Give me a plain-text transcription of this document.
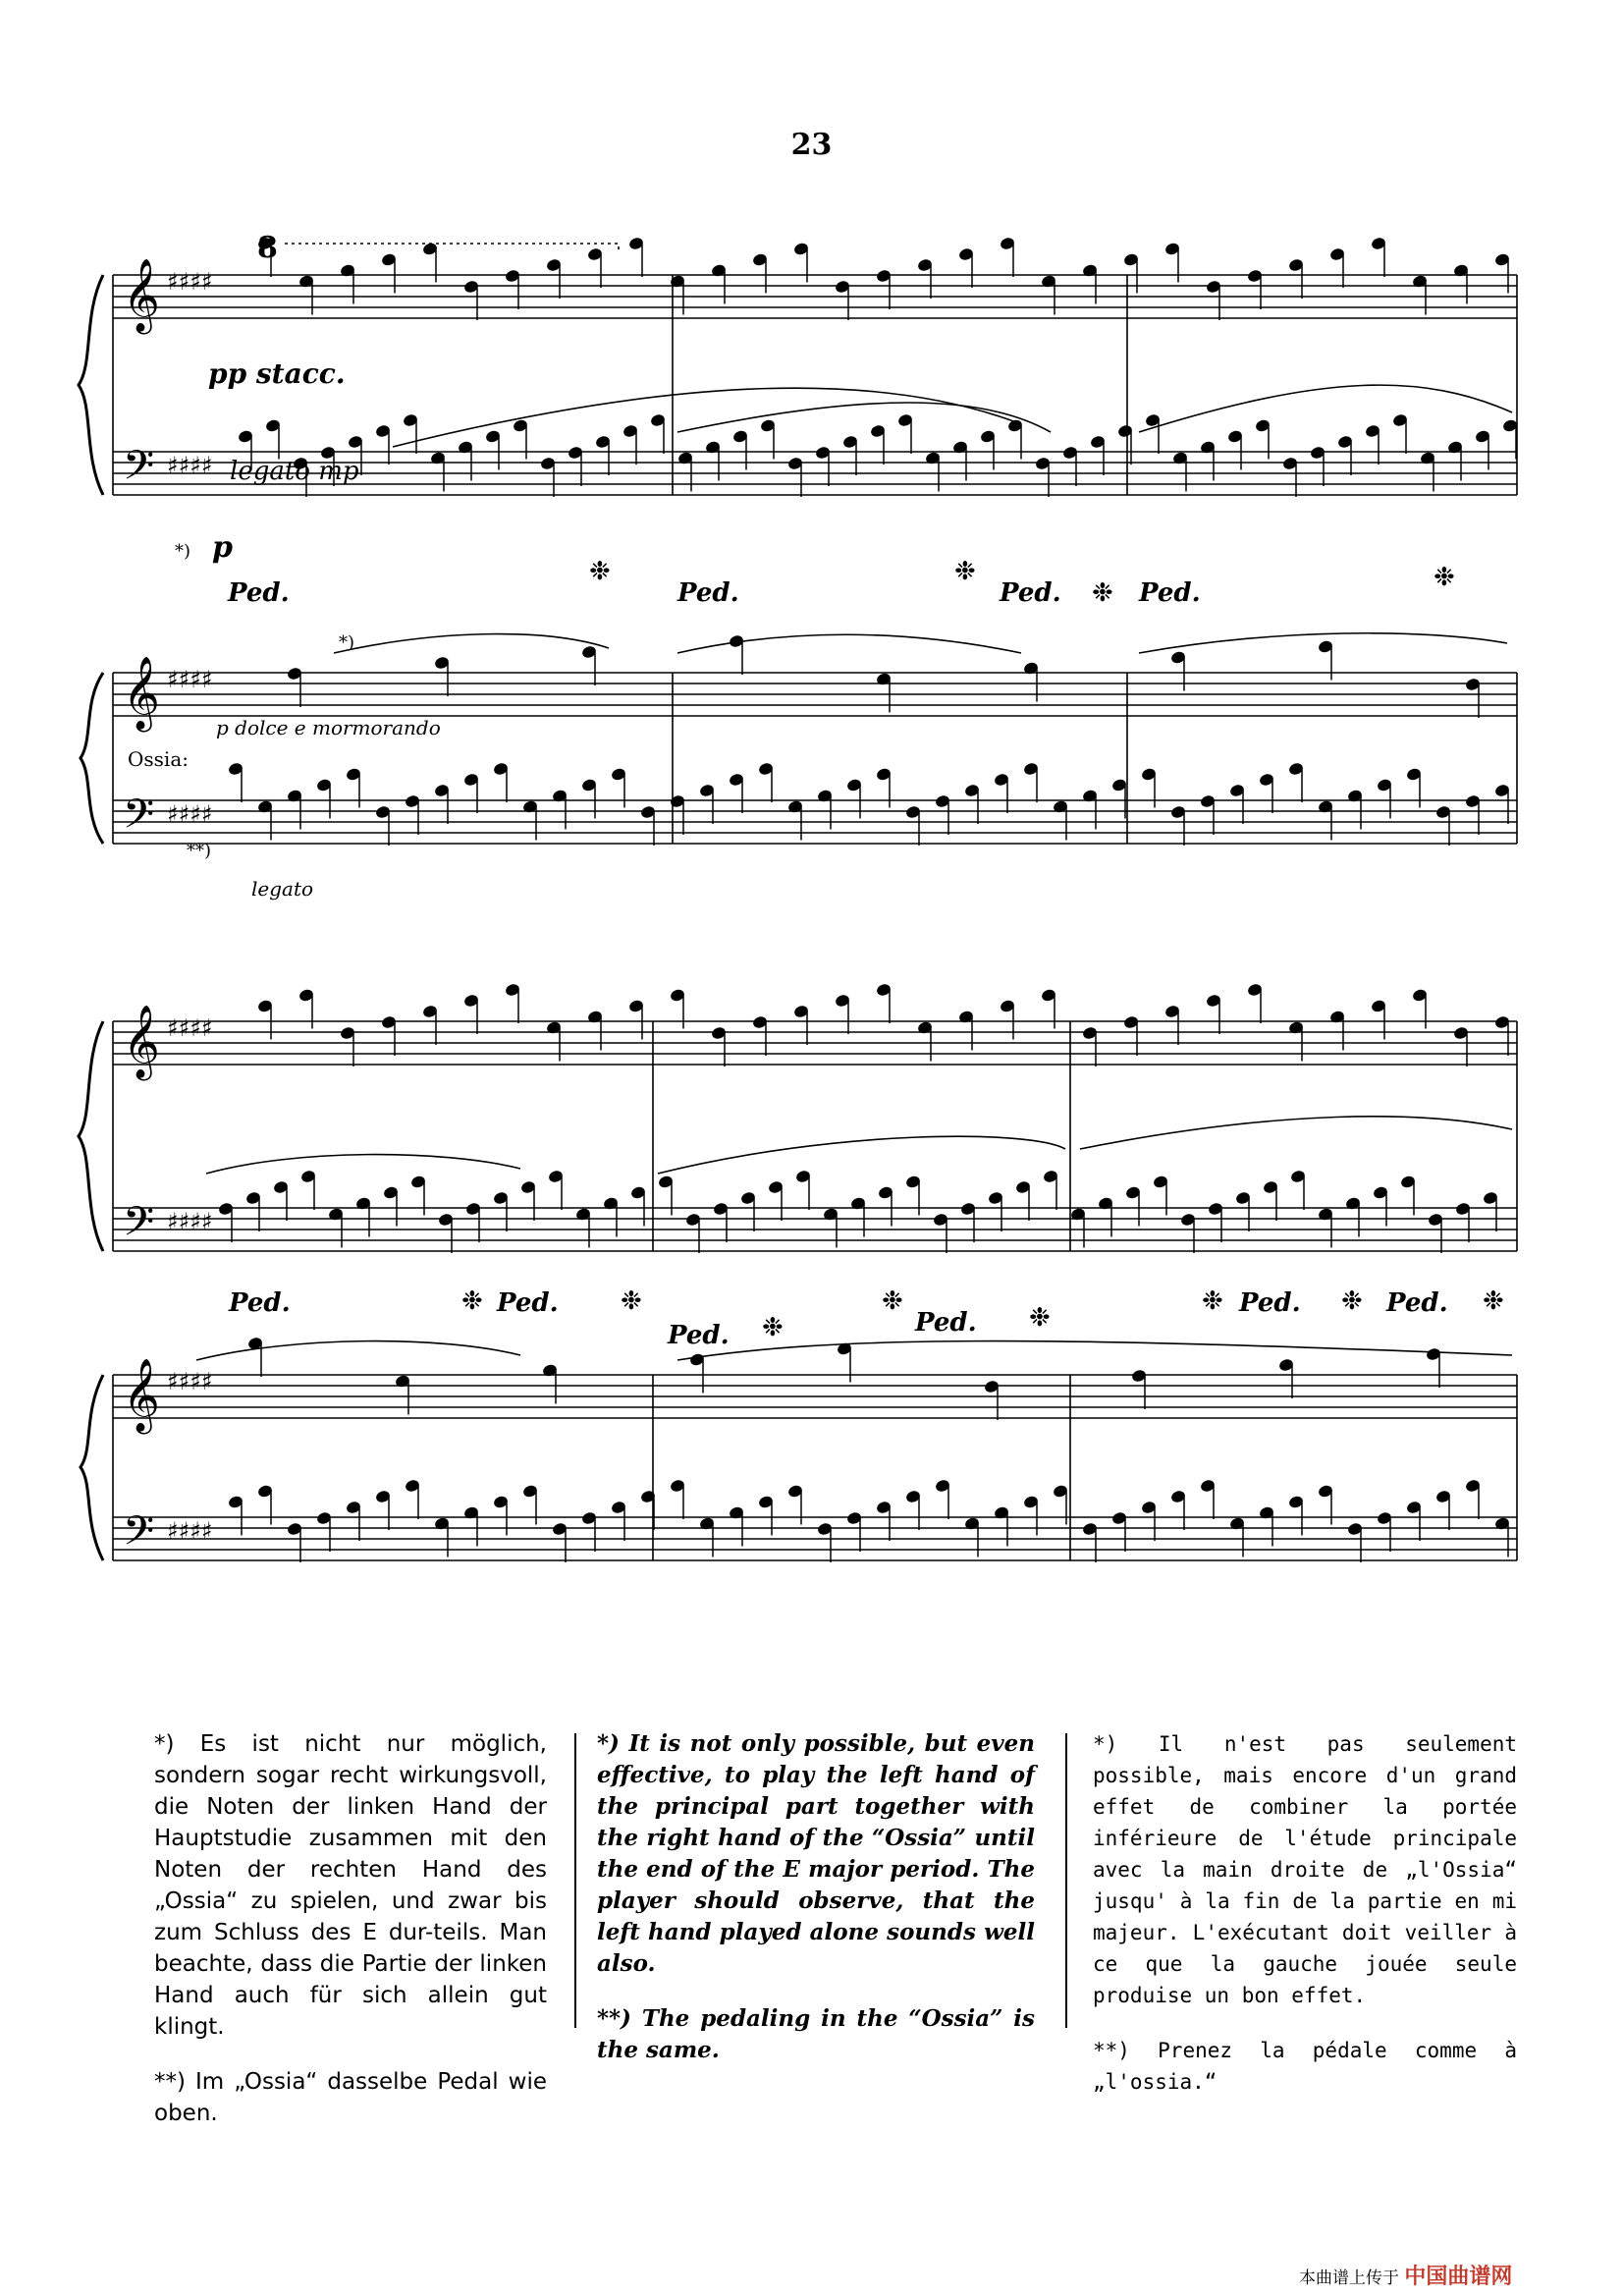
23
𝄞
𝄢
𝄞
𝄢
𝄞
𝄢
𝄞
𝄢
♯♯♯♯
♯♯♯♯
♯♯♯♯
♯♯♯♯
♯♯♯♯
♯♯♯♯
♯♯♯♯
♯♯♯♯
8
pp stacc.
legato mp
p
*)
*)
p dolce e mormorando
Ossia:
**)
legato
Ped.
❉
Ped.
❉
Ped. ❉ Ped.
❉
Ped.	❉ Ped. ❉
Ped. ❉
❉
Ped. ❉
❉ Ped. ❉ Ped. ❉

*) Es ist nicht nur möglich, sondern sogar recht wirkungsvoll, die Noten der linken Hand der Hauptstudie zusammen mit den Noten der rechten Hand des „Ossia“ zu spielen, und zwar bis zum Schluss des E dur-teils. Man beachte, dass die Partie der linken Hand auch für sich allein gut klingt.

**) Im „Ossia“ dasselbe Pedal wie oben.

*) It is not only possible, but even effective, to play the left hand of the principal part together with the right hand of the “Ossia” until the end of the E major period. The player should observe, that the left hand played alone sounds well also.

**) The pedaling in the “Ossia” is the same.

*) Il n'est pas seulement possible, mais encore d'un grand effet de combiner la portée inférieure de l'étude principale avec la main droite de „l'Ossia“ jusqu' à la fin de la partie en mi majeur. L'exécutant doit veiller à ce que la gauche jouée seule produise un bon effet.

**) Prenez la pédale comme à „l'ossia.“

本曲谱上传于 中国曲谱网
